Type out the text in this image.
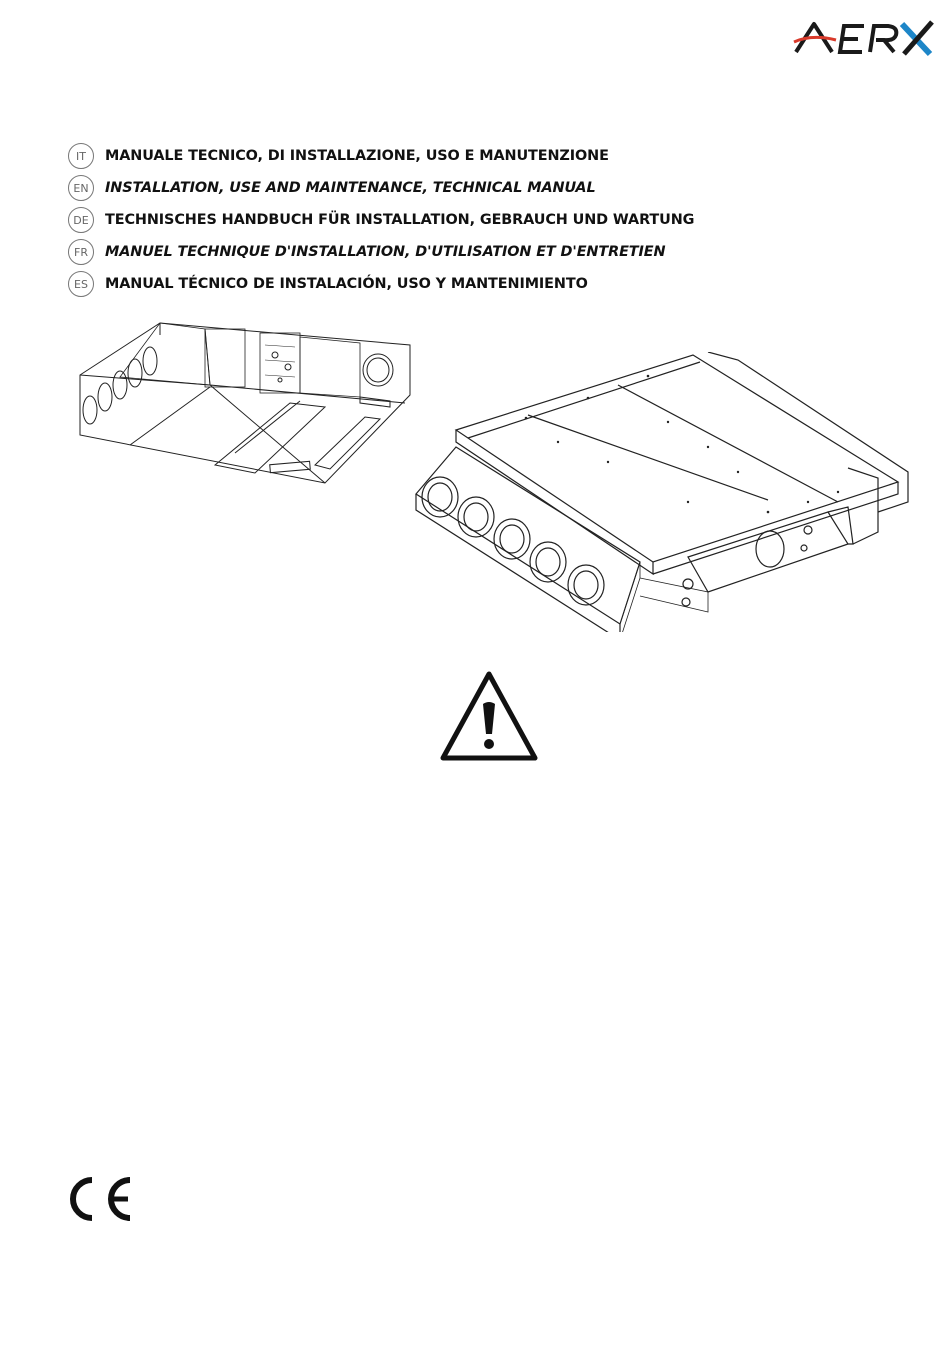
IT	MANUALE TECNICO, DI INSTALLAZIONE, USO E MANUTENZIONE
EN	INSTALLATION, USE AND MAINTENANCE, TECHNICAL MANUAL
DE	TECHNISCHES HANDBUCH FÜR INSTALLATION, GEBRAUCH UND WARTUNG
FR	MANUEL TECHNIQUE D'INSTALLATION, D'UTILISATION ET D'ENTRETIEN
ES	MANUAL TÉCNICO DE INSTALACIÓN, USO Y MANTENIMIENTO
